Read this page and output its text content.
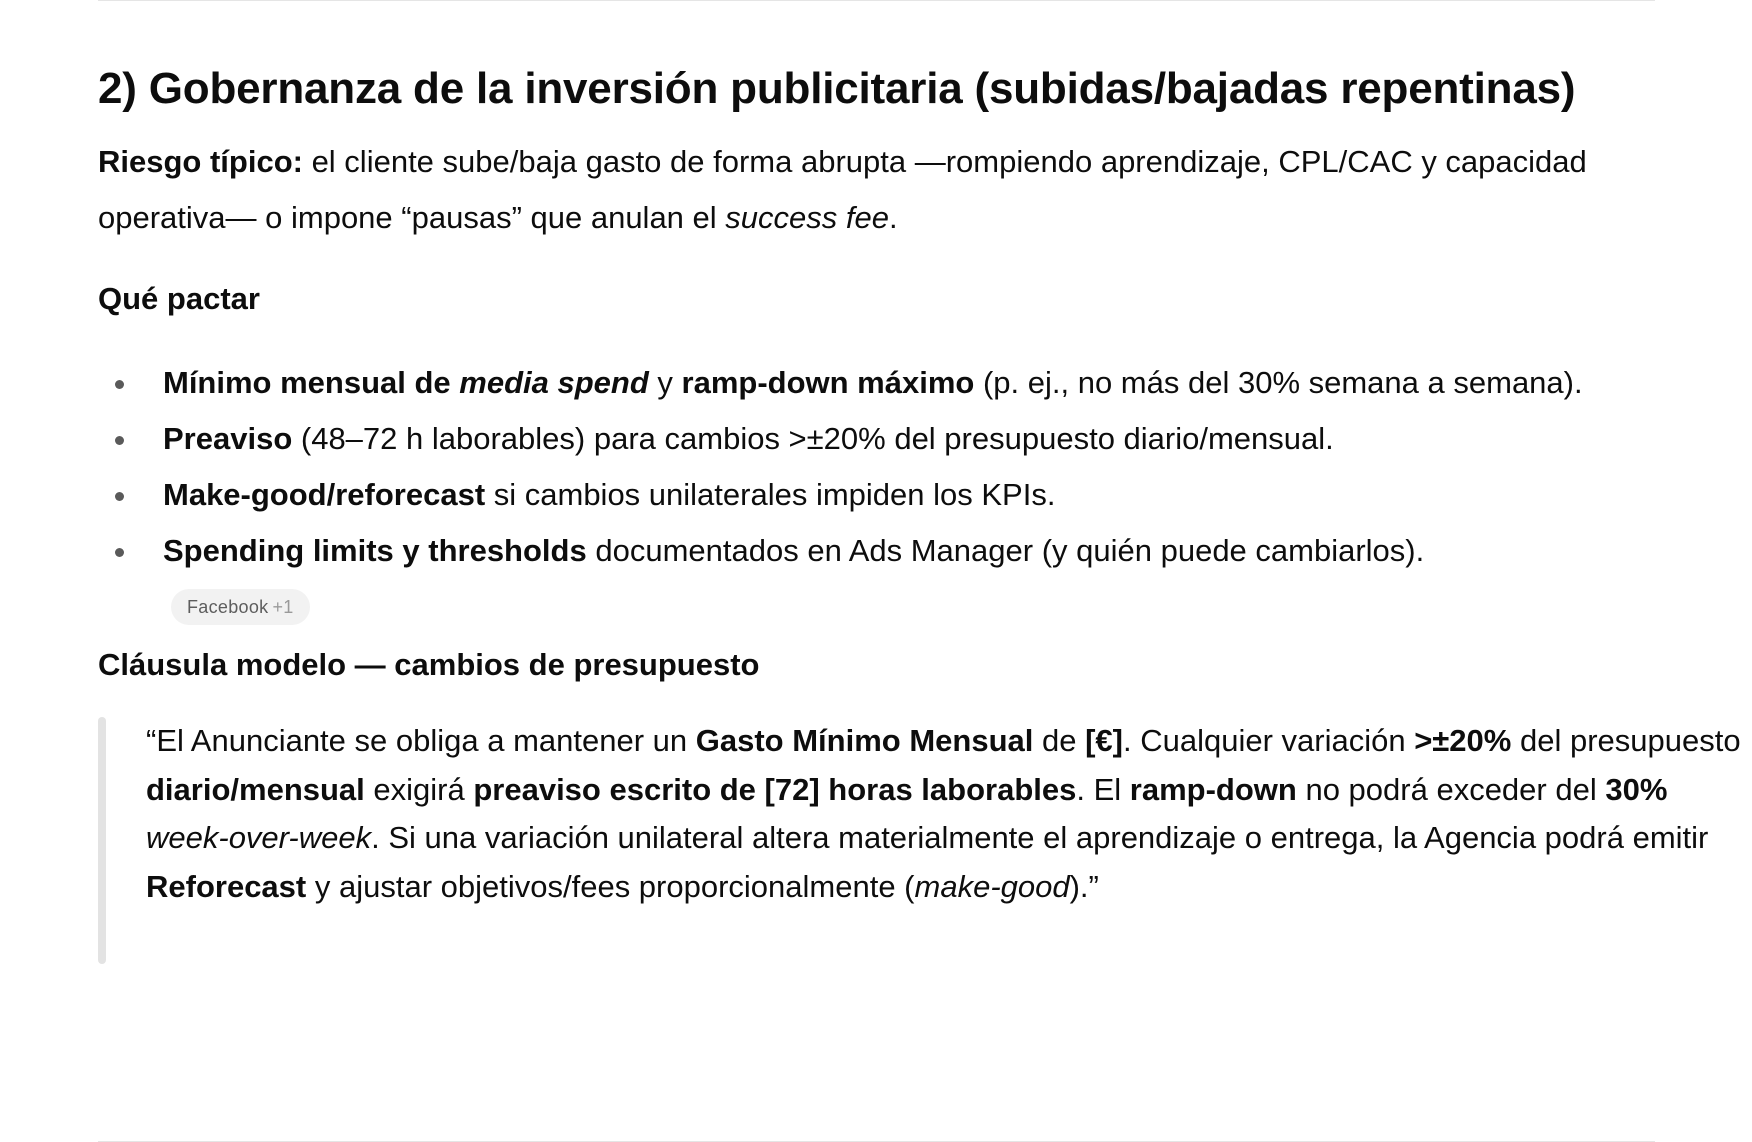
2) Gobernanza de la inversión publicitaria (subidas/bajadas repentinas)

Riesgo típico: el cliente sube/baja gasto de forma abrupta —rompiendo aprendizaje, CPL/CAC y capacidad operativa— o impone “pausas” que anulan el success fee.

Qué pactar
Mínimo mensual de media spend y ramp-down máximo (p. ej., no más del 30% semana a semana).
Preaviso (48–72 h laborables) para cambios >±20% del presupuesto diario/mensual.
Make-good/reforecast si cambios unilaterales impiden los KPIs.
Spending limits y thresholds documentados en Ads Manager (y quién puede cambiarlos).
Facebook +1
Cláusula modelo — cambios de presupuesto
“El Anunciante se obliga a mantener un Gasto Mínimo Mensual de [€]. Cualquier variación >±20% del presupuesto diario/mensual exigirá preaviso escrito de [72] horas laborables. El ramp-down no podrá exceder del 30% week-over-week. Si una variación unilateral altera materialmente el aprendizaje o entrega, la Agencia podrá emitir Reforecast y ajustar objetivos/fees proporcionalmente (make-good).”
